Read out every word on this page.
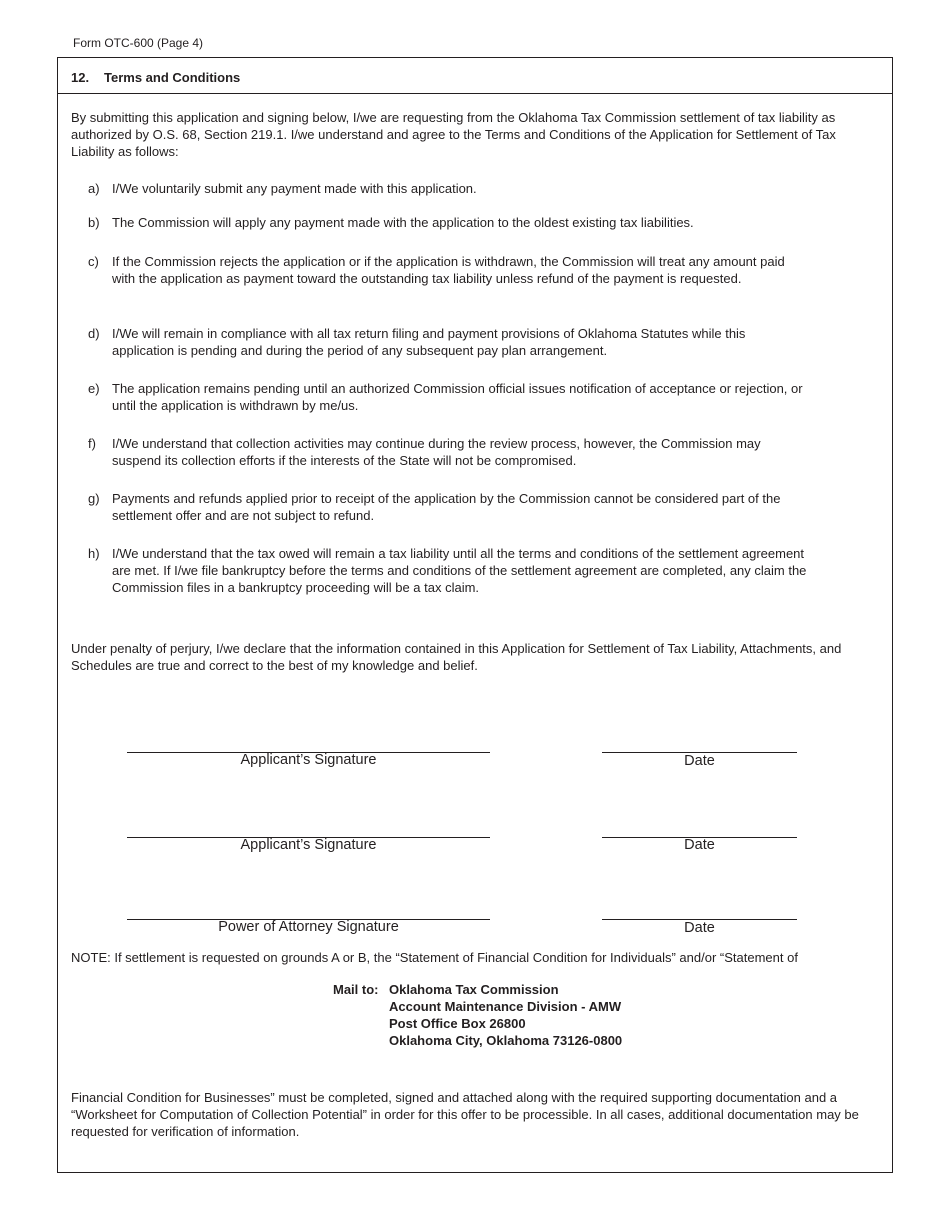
Form OTC-600 (Page 4)
12. Terms and Conditions
By submitting this application and signing below, I/we are requesting from the Oklahoma Tax Commission settlement of tax liability as authorized by O.S. 68, Section 219.1. I/we understand and agree to the Terms and Conditions of the Application for Settlement of Tax Liability as follows:
a) I/We voluntarily submit any payment made with this application.
b) The Commission will apply any payment made with the application to the oldest existing tax liabilities.
c) If the Commission rejects the application or if the application is withdrawn, the Commission will treat any amount paid with the application as payment toward the outstanding tax liability unless refund of the payment is requested.
d) I/We will remain in compliance with all tax return filing and payment provisions of Oklahoma Statutes while this application is pending and during the period of any subsequent pay plan arrangement.
e) The application remains pending until an authorized Commission official issues notification of acceptance or rejection, or until the application is withdrawn by me/us.
f) I/We understand that collection activities may continue during the review process, however, the Commission may suspend its collection efforts if the interests of the State will not be compromised.
g) Payments and refunds applied prior to receipt of the application by the Commission cannot be considered part of the settlement offer and are not subject to refund.
h) I/We understand that the tax owed will remain a tax liability until all the terms and conditions of the settlement agreement are met. If I/we file bankruptcy before the terms and conditions of the settlement agreement are completed, any claim the Commission files in a bankruptcy proceeding will be a tax claim.
Under penalty of perjury, I/we declare that the information contained in this Application for Settlement of Tax Liability, Attachments, and Schedules are true and correct to the best of my knowledge and belief.
Applicant’s Signature	Date
Applicant’s Signature	Date
Power of Attorney Signature	Date
NOTE: If settlement is requested on grounds A or B, the “Statement of Financial Condition for Individuals” and/or “Statement of
Mail to: Oklahoma Tax Commission
Account Maintenance Division - AMW
Post Office Box 26800
Oklahoma City, Oklahoma 73126-0800
Financial Condition for Businesses” must be completed, signed and attached along with the required supporting documentation and a “Worksheet for Computation of Collection Potential” in order for this offer to be processible. In all cases, additional documentation may be requested for verification of information.
